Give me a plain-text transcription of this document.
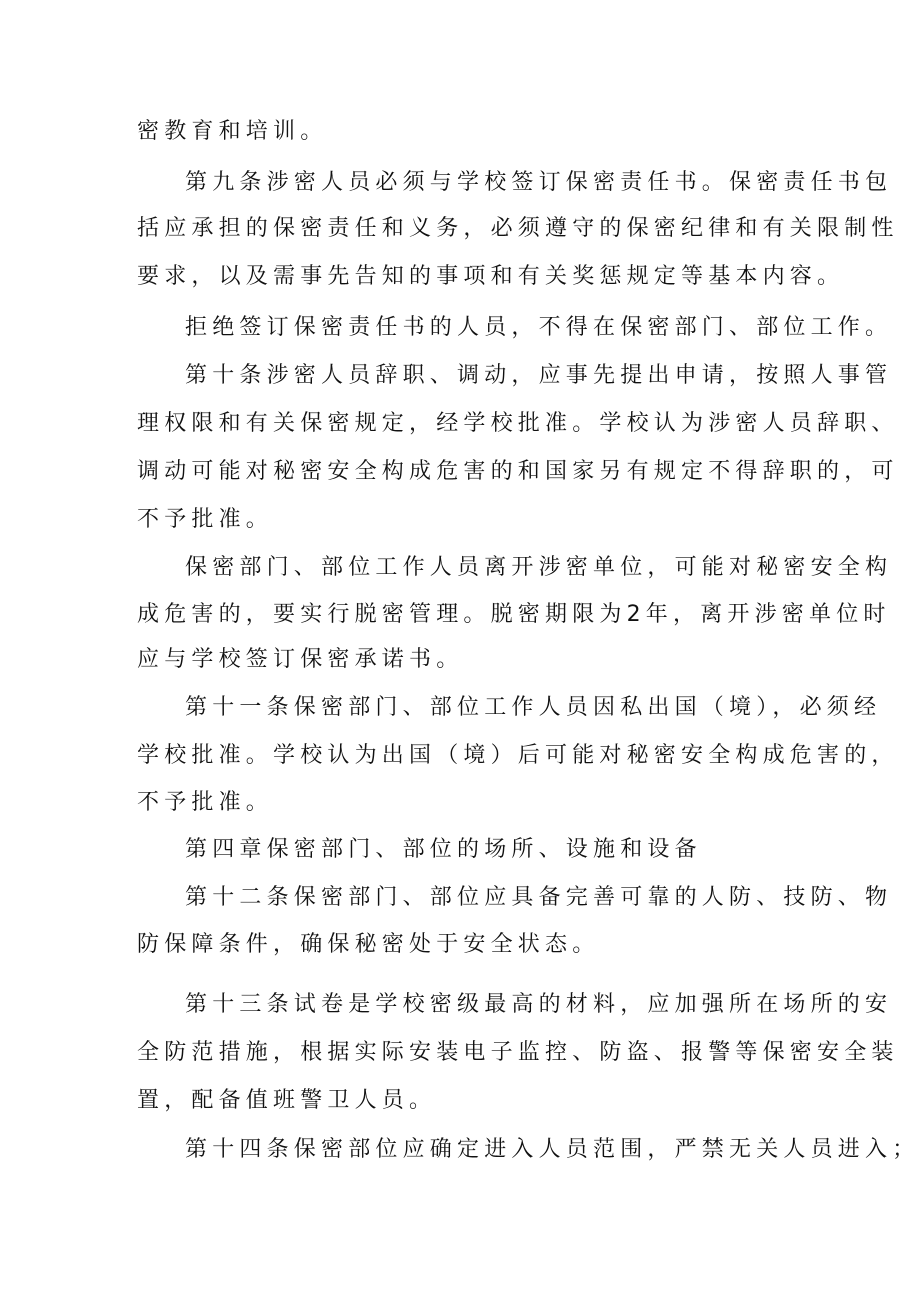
密教育和培训。
第九条涉密人员必须与学校签订保密责任书。保密责任书包
括应承担的保密责任和义务，必须遵守的保密纪律和有关限制性
要求，以及需事先告知的事项和有关奖惩规定等基本内容。
拒绝签订保密责任书的人员，不得在保密部门、部位工作。
第十条涉密人员辞职、调动，应事先提出申请，按照人事管
理权限和有关保密规定，经学校批准。学校认为涉密人员辞职、
调动可能对秘密安全构成危害的和国家另有规定不得辞职的，可
不予批准。
保密部门、部位工作人员离开涉密单位，可能对秘密安全构
成危害的，要实行脱密管理。脱密期限为2年，离开涉密单位时
应与学校签订保密承诺书。
第十一条保密部门、部位工作人员因私出国（境），必须经
学校批准。学校认为出国（境）后可能对秘密安全构成危害的，
不予批准。
第四章保密部门、部位的场所、设施和设备
第十二条保密部门、部位应具备完善可靠的人防、技防、物
防保障条件，确保秘密处于安全状态。
第十三条试卷是学校密级最高的材料，应加强所在场所的安
全防范措施，根据实际安装电子监控、防盗、报警等保密安全装
置，配备值班警卫人员。
第十四条保密部位应确定进入人员范围，严禁无关人员进入；
